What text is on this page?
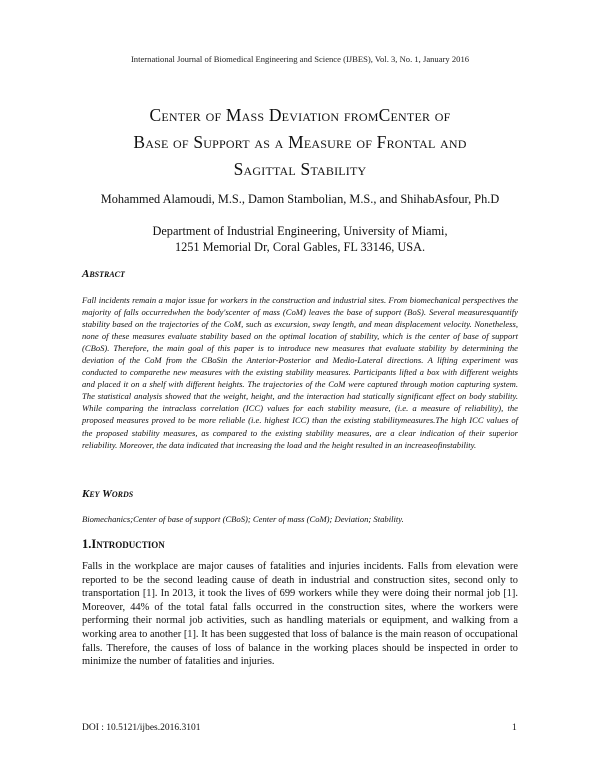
International Journal of Biomedical Engineering and Science (IJBES), Vol. 3, No. 1, January 2016
Center of Mass Deviation fromCenter of
Base of Support as a Measure of Frontal and
Sagittal Stability
Mohammed Alamoudi, M.S., Damon Stambolian, M.S., and ShihabAsfour, Ph.D
Department of Industrial Engineering, University of Miami,
1251 Memorial Dr, Coral Gables, FL 33146, USA.
Abstract
Fall incidents remain a major issue for workers in the construction and industrial sites. From biomechanical perspectives the majority of falls occurredwhen the body'scenter of mass (CoM) leaves the base of support (BoS). Several measuresquantify stability based on the trajectories of the CoM, such as excursion, sway length, and mean displacement velocity. Nonetheless, none of these measures evaluate stability based on the optimal location of stability, which is the center of base of support (CBoS). Therefore, the main goal of this paper is to introduce new measures that evaluate stability by determining the deviation of the CoM from the CBoSin the Anterior-Posterior and Medio-Lateral directions. A lifting experiment was conducted to comparethe new measures with the existing stability measures. Participants lifted a box with different weights and placed it on a shelf with different heights. The trajectories of the CoM were captured through motion capturing system. The statistical analysis showed that the weight, height, and the interaction had statically significant effect on body stability. While comparing the intraclass correlation (ICC) values for each stability measure, (i.e. a measure of reliability), the proposed measures proved to be more reliable (i.e. highest ICC) than the existing stabilitymeasures.The high ICC values of the proposed stability measures, as compared to the existing stability measures, are a clear indication of their superior reliability. Moreover, the data indicated that increasing the load and the height resulted in an increaseofinstability.
Key Words
Biomechanics;Center of base of support (CBoS); Center of mass (CoM); Deviation; Stability.
1.Introduction
Falls in the workplace are major causes of fatalities and injuries incidents. Falls from elevation were reported to be the second leading cause of death in industrial and construction sites, second only to transportation [1]. In 2013, it took the lives of 699 workers while they were doing their normal job [1]. Moreover, 44% of the total fatal falls occurred in the construction sites, where the workers were performing their normal job activities, such as handling materials or equipment, and walking from a working area to another [1]. It has been suggested that loss of balance is the main reason of occupational falls. Therefore, the causes of loss of balance in the working places should be inspected in order to minimize the number of fatalities and injuries.
DOI : 10.5121/ijbes.2016.3101	1
